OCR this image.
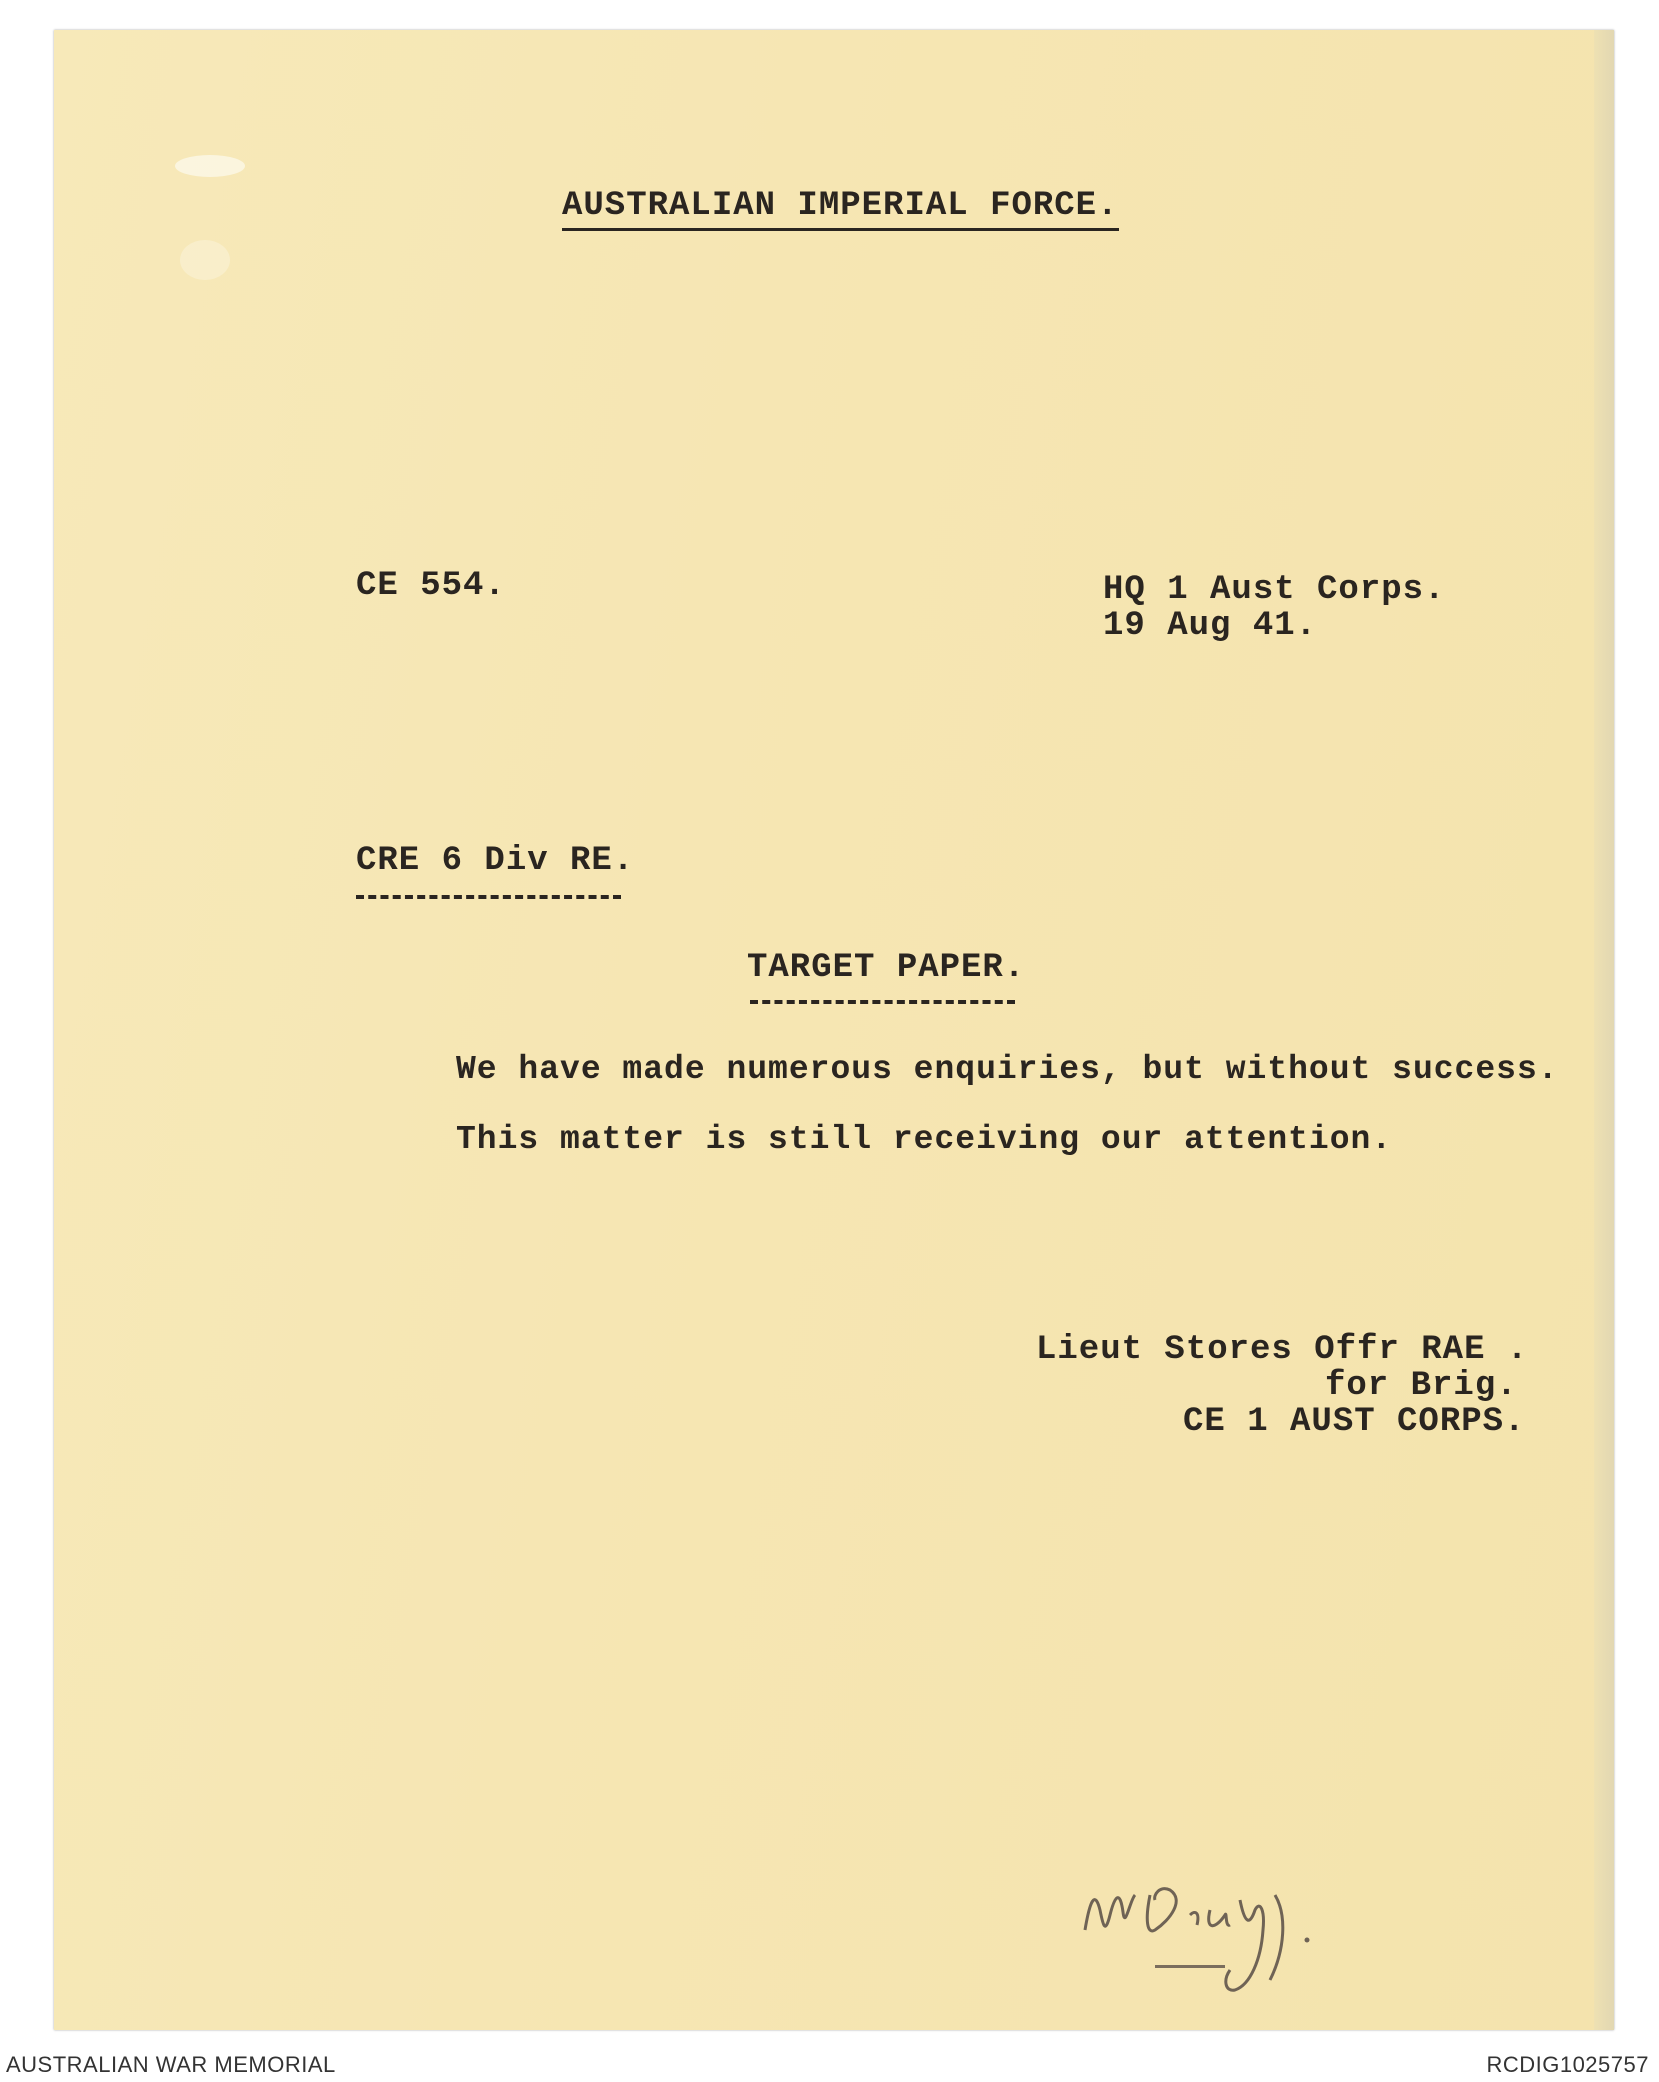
AUSTRALIAN IMPERIAL FORCE.
CE 554.	HQ 1 Aust Corps.
19 Aug 41.
CRE 6 Div RE.
TARGET PAPER.
We have made numerous enquiries, but without success.
This matter is still receiving our attention.
Lieut Stores Offr RAE .
for Brig.
CE 1 AUST CORPS.
AUSTRALIAN WAR MEMORIAL	RCDIG1025757
